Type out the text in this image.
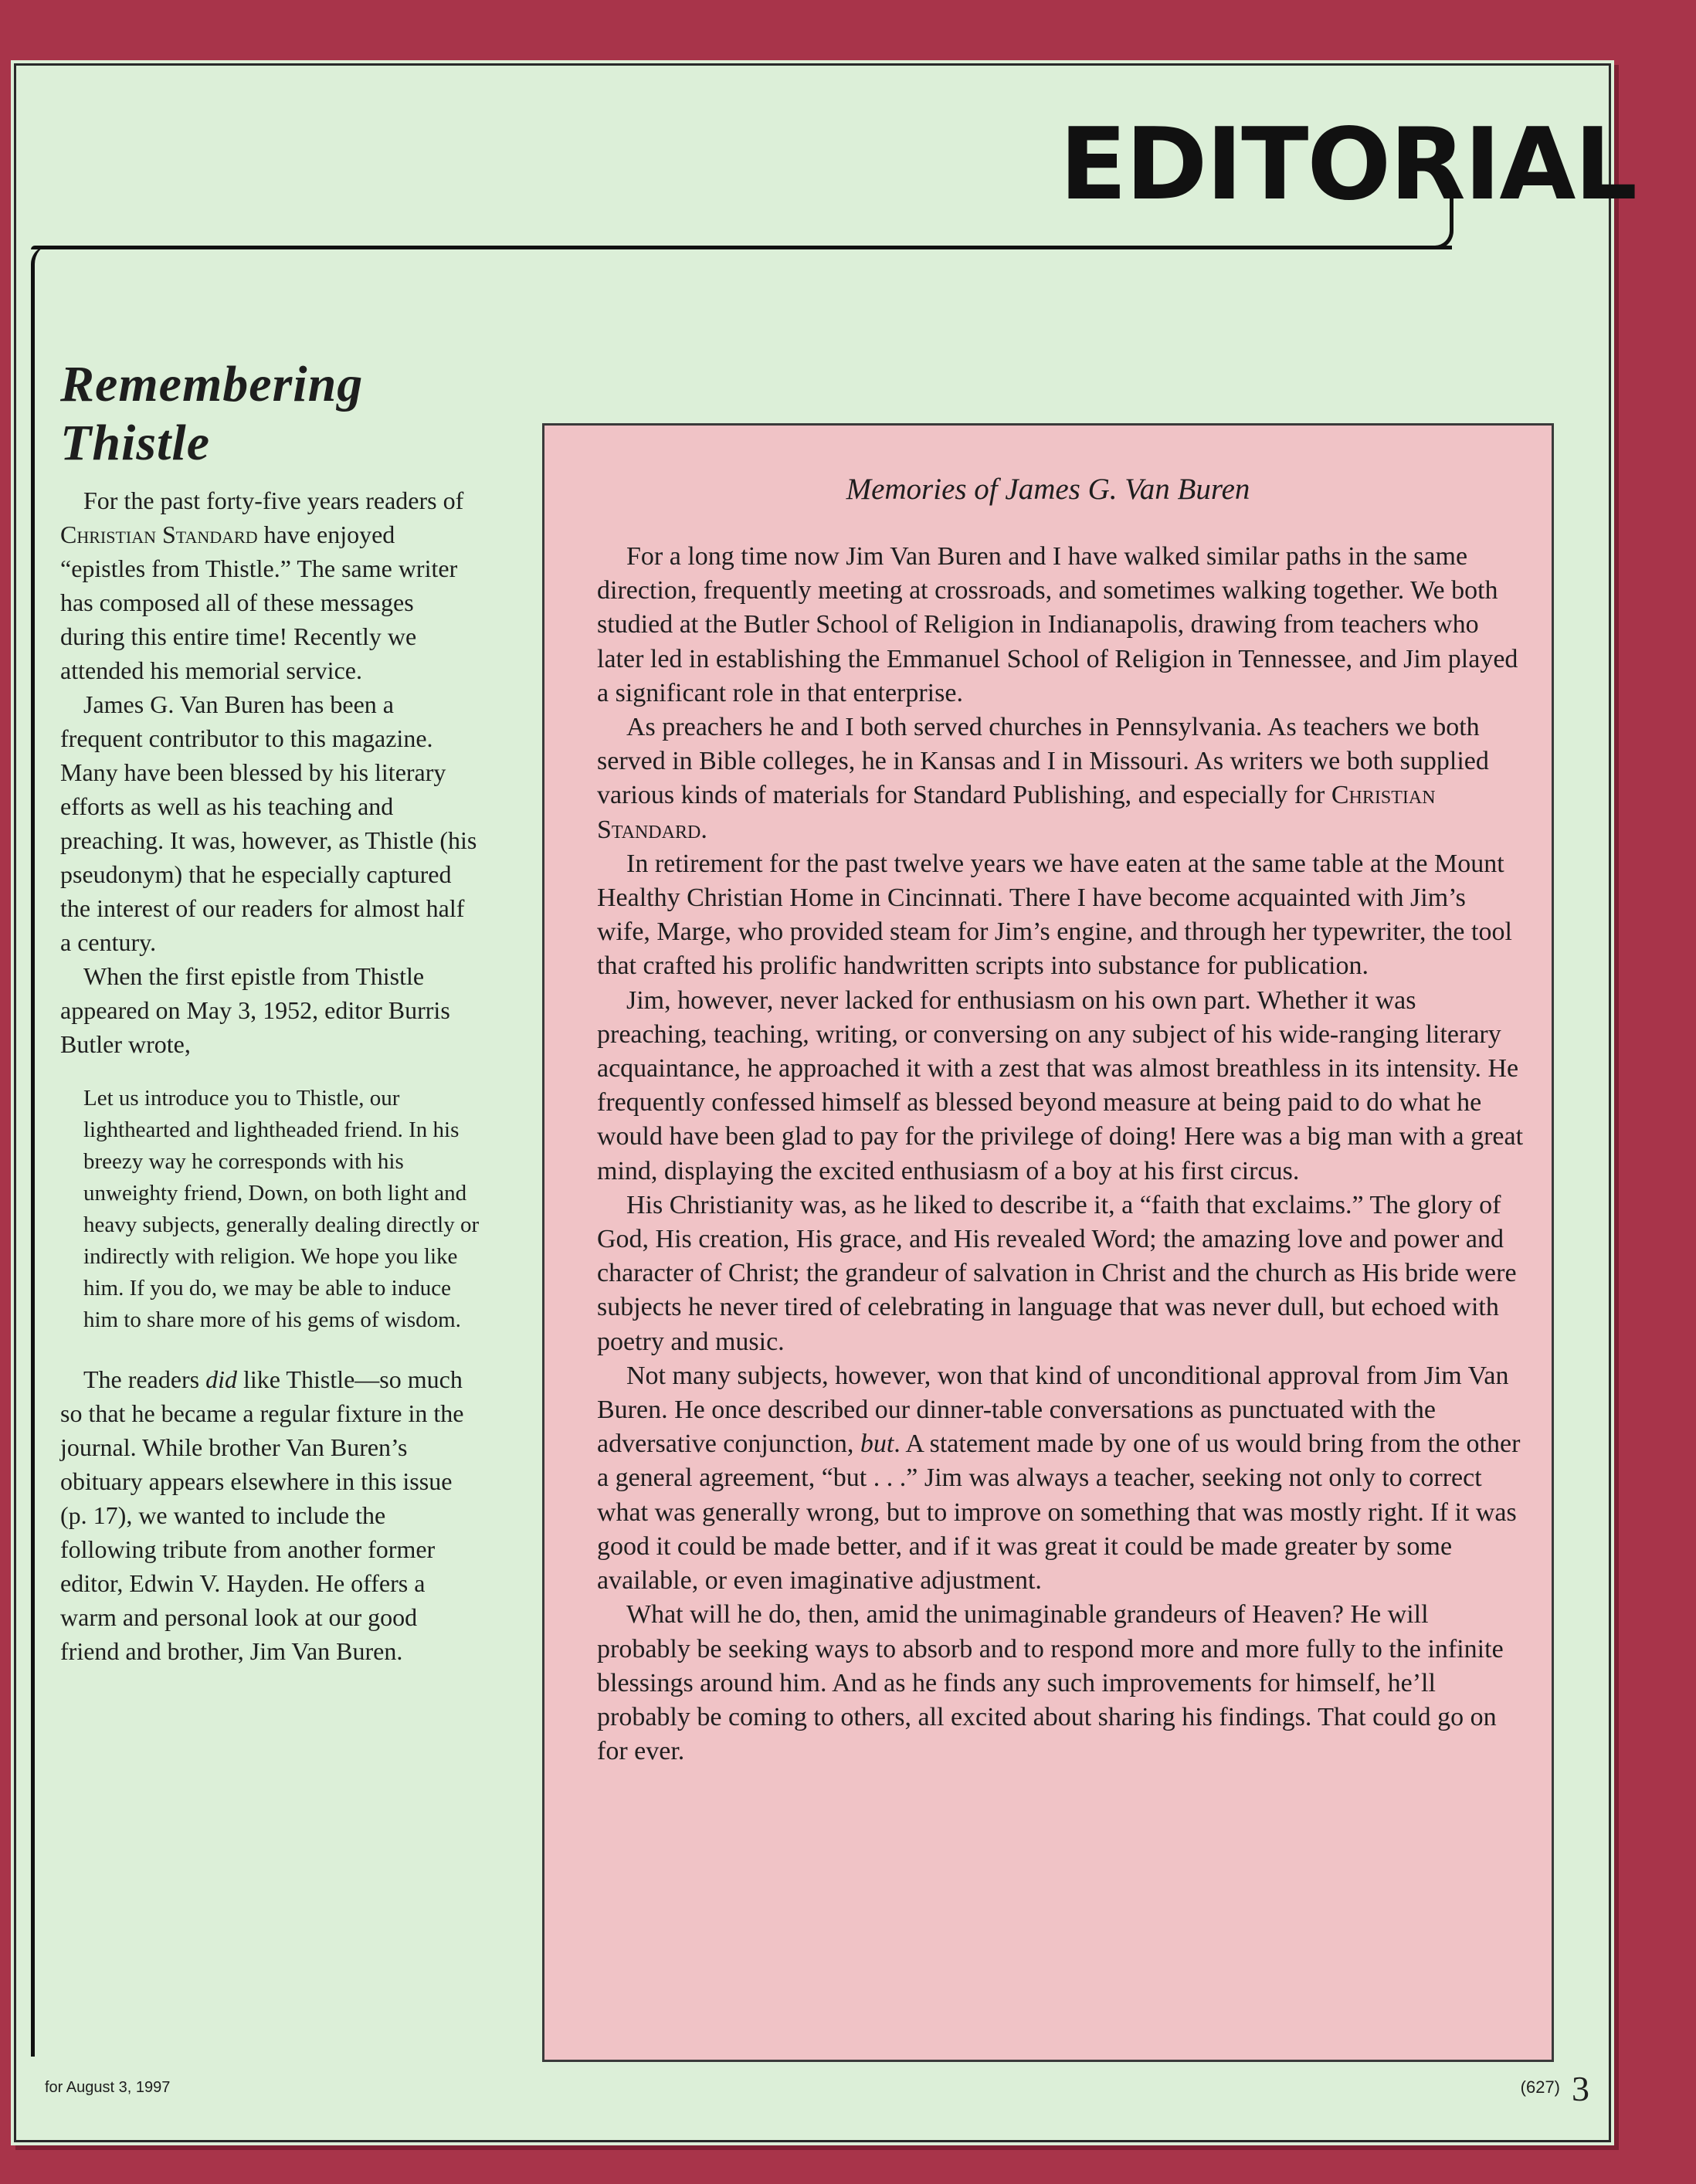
EDITORIAL
Remembering
Thistle

For the past forty-five years readers of Christian Standard have enjoyed “epistles from Thistle.” The same writer has composed all of these messages during this entire time! Recently we attended his memorial service.

James G. Van Buren has been a frequent contributor to this magazine. Many have been blessed by his literary efforts as well as his teaching and preaching. It was, however, as Thistle (his pseudonym) that he especially captured the interest of our readers for almost half a century.

When the first epistle from Thistle appeared on May 3, 1952, editor Burris Butler wrote,

Let us introduce you to Thistle, our lighthearted and lightheaded friend. In his breezy way he corresponds with his unweighty friend, Down, on both light and heavy subjects, generally dealing directly or indirectly with religion. We hope you like him. If you do, we may be able to induce him to share more of his gems of wisdom.

The readers did like Thistle—so much so that he became a regular fixture in the journal. While brother Van Buren’s obituary appears elsewhere in this issue (p. 17), we wanted to include the following tribute from another former editor, Edwin V. Hayden. He offers a warm and personal look at our good friend and brother, Jim Van Buren.

Memories of James G. Van Buren

For a long time now Jim Van Buren and I have walked similar paths in the same direction, frequently meeting at crossroads, and sometimes walking together. We both studied at the Butler School of Religion in Indianapolis, drawing from teachers who later led in establishing the Emmanuel School of Religion in Tennessee, and Jim played a significant role in that enterprise.

As preachers he and I both served churches in Pennsylvania. As teachers we both served in Bible colleges, he in Kansas and I in Missouri. As writers we both supplied various kinds of materials for Standard Publishing, and especially for Christian Standard.

In retirement for the past twelve years we have eaten at the same table at the Mount Healthy Christian Home in Cincinnati. There I have become acquainted with Jim’s wife, Marge, who provided steam for Jim’s engine, and through her typewriter, the tool that crafted his prolific handwritten scripts into substance for publication.

Jim, however, never lacked for enthusiasm on his own part. Whether it was preaching, teaching, writing, or conversing on any subject of his wide-ranging literary acquaintance, he approached it with a zest that was almost breathless in its intensity. He frequently confessed himself as blessed beyond measure at being paid to do what he would have been glad to pay for the privilege of doing! Here was a big man with a great mind, displaying the excited enthusiasm of a boy at his first circus.

His Christianity was, as he liked to describe it, a “faith that exclaims.” The glory of God, His creation, His grace, and His revealed Word; the amazing love and power and character of Christ; the grandeur of salvation in Christ and the church as His bride were subjects he never tired of celebrating in language that was never dull, but echoed with poetry and music.

Not many subjects, however, won that kind of unconditional approval from Jim Van Buren. He once described our dinner-table conversations as punctuated with the adversative conjunction, but. A statement made by one of us would bring from the other a general agreement, “but . . .” Jim was always a teacher, seeking not only to correct what was generally wrong, but to improve on something that was mostly right. If it was good it could be made better, and if it was great it could be made greater by some available, or even imaginative adjustment.

What will he do, then, amid the unimaginable grandeurs of Heaven? He will probably be seeking ways to absorb and to respond more and more fully to the infinite blessings around him. And as he finds any such improvements for himself, he’ll probably be coming to others, all excited about sharing his findings. That could go on for ever.

for August 3, 1997	(627) 3
